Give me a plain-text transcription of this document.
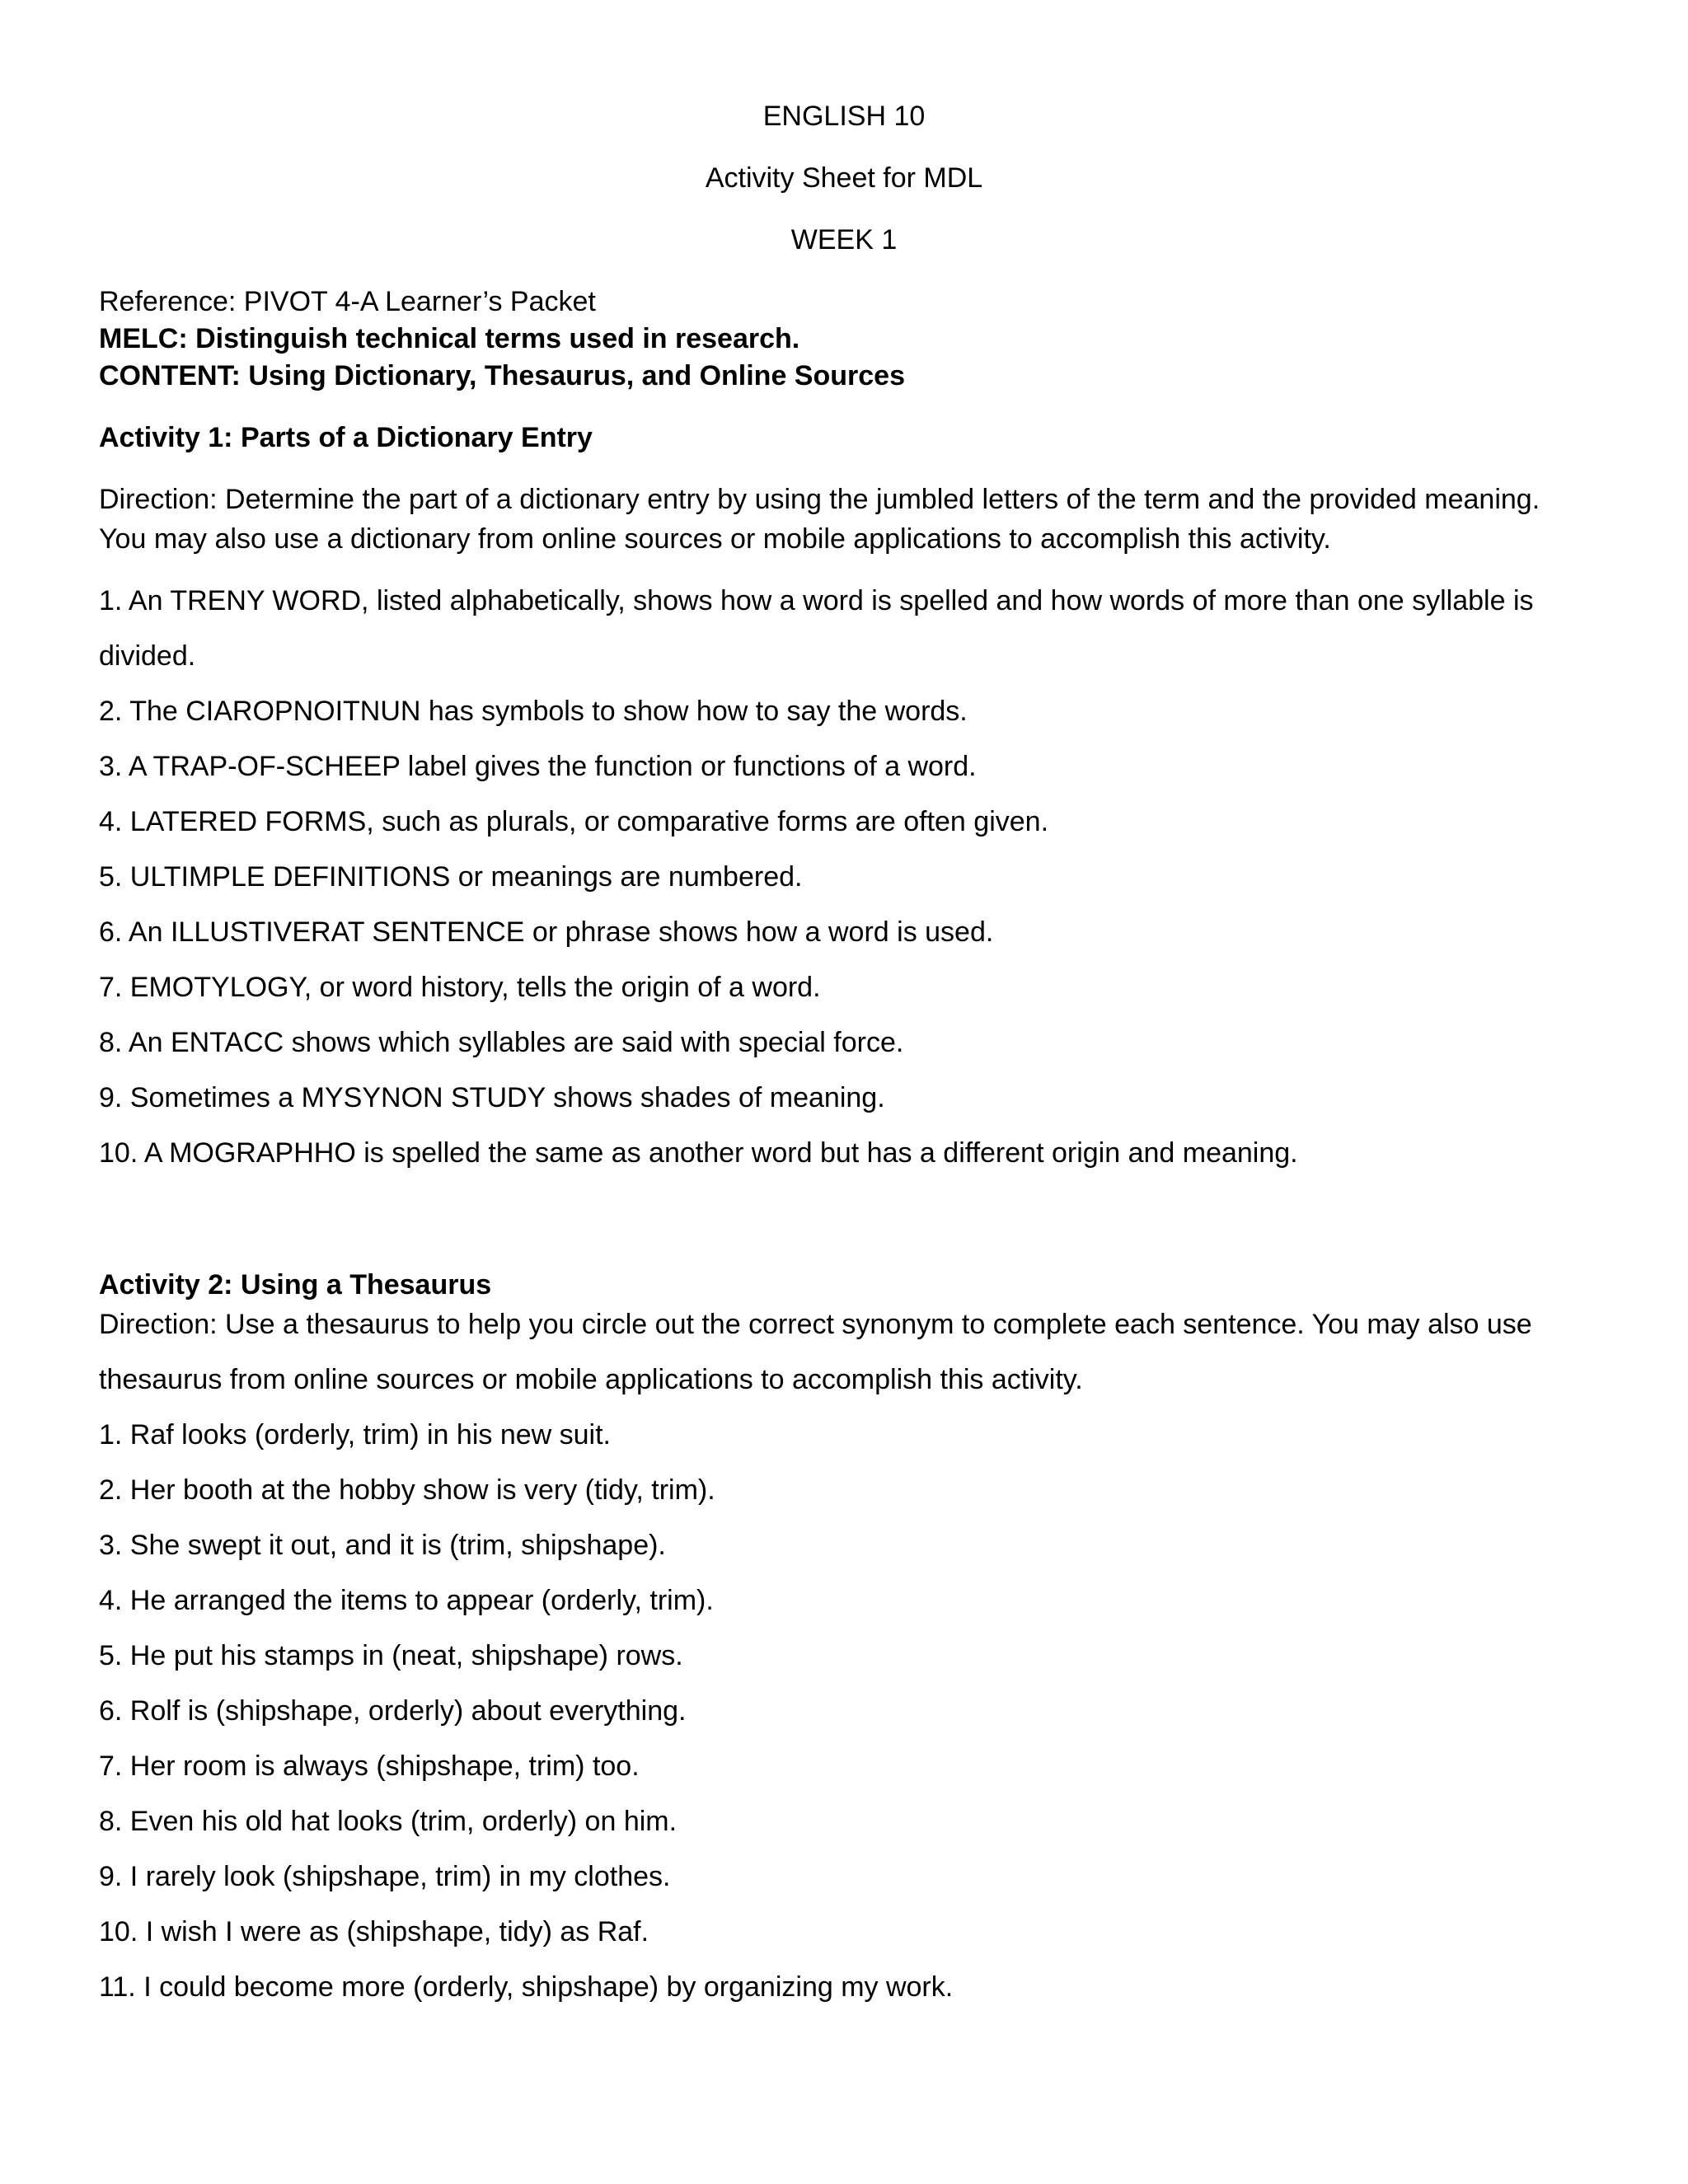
ENGLISH 10
Activity Sheet for MDL
WEEK 1
Reference: PIVOT 4-A Learner’s Packet
MELC: Distinguish technical terms used in research.
CONTENT: Using Dictionary, Thesaurus, and Online Sources
Activity 1: Parts of a Dictionary Entry
Direction: Determine the part of a dictionary entry by using the jumbled letters of the term and the provided meaning.
You may also use a dictionary from online sources or mobile applications to accomplish this activity.
1. An TRENY WORD, listed alphabetically, shows how a word is spelled and how words of more than one syllable is
divided.
2. The CIAROPNOITNUN has symbols to show how to say the words.
3. A TRAP-OF-SCHEEP label gives the function or functions of a word.
4. LATERED FORMS, such as plurals, or comparative forms are often given.
5. ULTIMPLE DEFINITIONS or meanings are numbered.
6. An ILLUSTIVERAT SENTENCE or phrase shows how a word is used.
7. EMOTYLOGY, or word history, tells the origin of a word.
8. An ENTACC shows which syllables are said with special force.
9. Sometimes a MYSYNON STUDY shows shades of meaning.
10. A MOGRAPHHO is spelled the same as another word but has a different origin and meaning.
Activity 2: Using a Thesaurus
Direction: Use a thesaurus to help you circle out the correct synonym to complete each sentence. You may also use
thesaurus from online sources or mobile applications to accomplish this activity.
1. Raf looks (orderly, trim) in his new suit.
2. Her booth at the hobby show is very (tidy, trim).
3. She swept it out, and it is (trim, shipshape).
4. He arranged the items to appear (orderly, trim).
5. He put his stamps in (neat, shipshape) rows.
6. Rolf is (shipshape, orderly) about everything.
7. Her room is always (shipshape, trim) too.
8. Even his old hat looks (trim, orderly) on him.
9. I rarely look (shipshape, trim) in my clothes.
10. I wish I were as (shipshape, tidy) as Raf.
11. I could become more (orderly, shipshape) by organizing my work.
